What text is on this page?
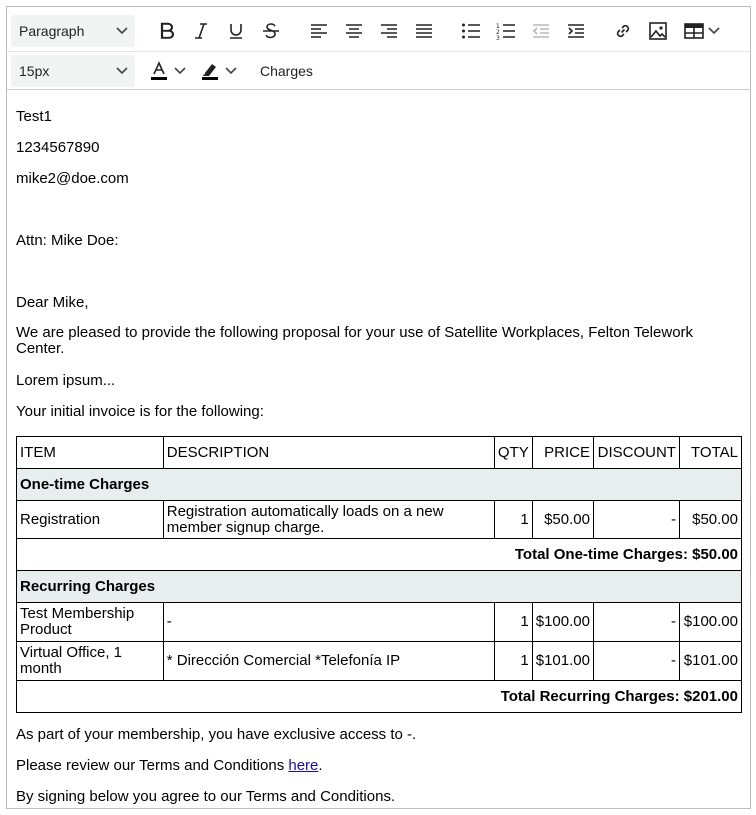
Paragraph	1
2
3
15px	Charges

Test1

1234567890

mike2@doe.com

Attn: Mike Doe:

Dear Mike,

We are pleased to provide the following proposal for your use of Satellite Workplaces, Felton Telework Center.

Lorem ipsum...

Your initial invoice is for the following:

ITEM	DESCRIPTION	QTY	PRICE	DISCOUNT	TOTAL
One-time Charges					
Registration	Registration automatically loads on a new member signup charge.	1	$50.00	-	$50.00
Total One-time Charges: $50.00					
Recurring Charges					
Test Membership Product	-	1	$100.00	-	$100.00
Virtual Office, 1 month	* Dirección Comercial *Telefonía IP	1	$101.00	-	$101.00
Total Recurring Charges: $201.00					

As part of your membership, you have exclusive access to -.

Please review our Terms and Conditions here.

By signing below you agree to our Terms and Conditions.
